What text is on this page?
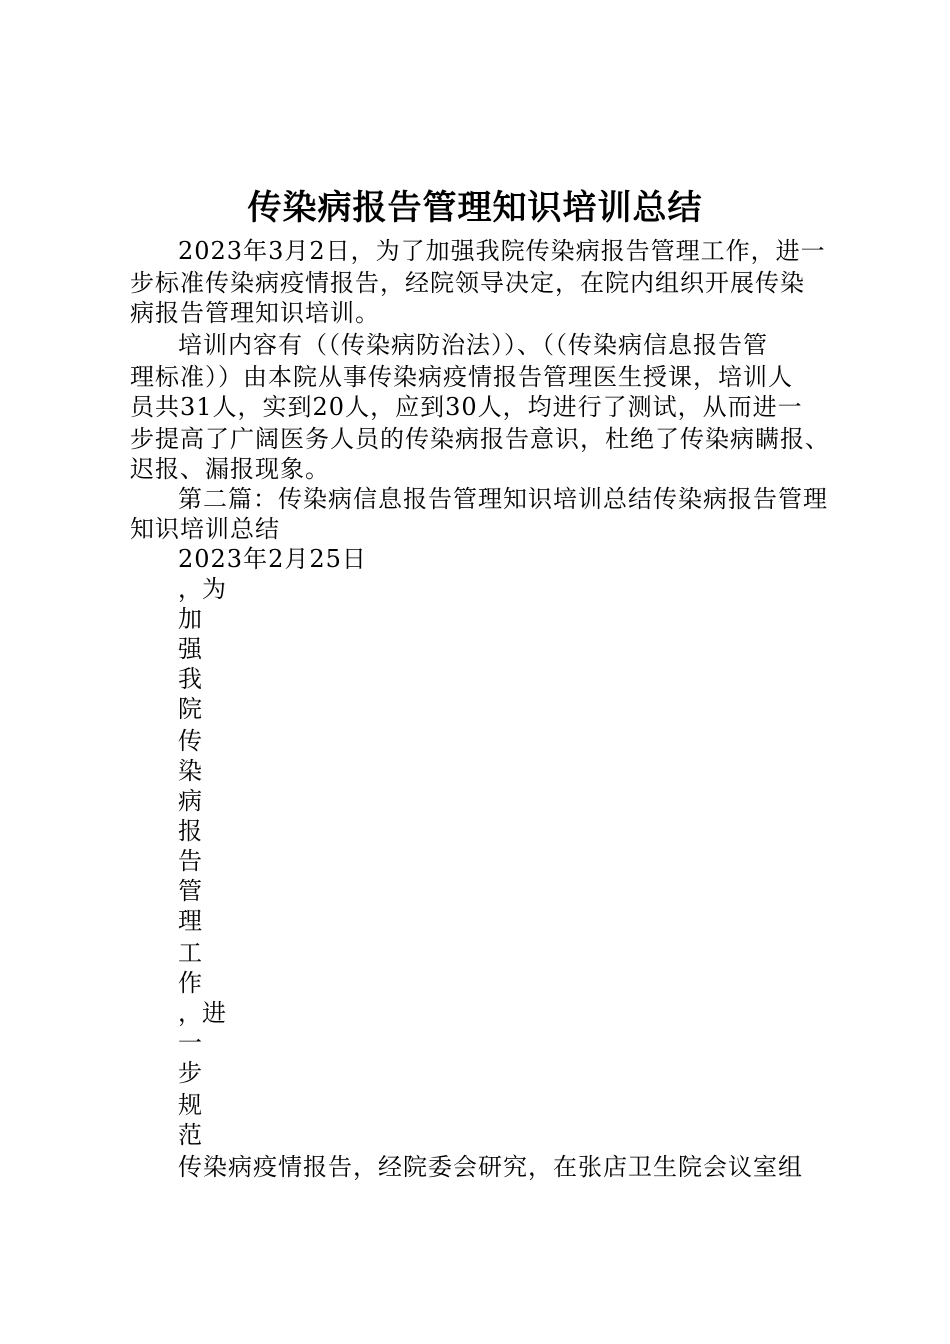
传染病报告管理知识培训总结
2023年3月2日，为了加强我院传染病报告管理工作，进一
步标准传染病疫情报告，经院领导决定，在院内组织开展传染
病报告管理知识培训。
培训内容有（（传染病防治法））、（（传染病信息报告管
理标准））由本院从事传染病疫情报告管理医生授课，培训人
员共31人，实到20人，应到30人，均进行了测试，从而进一
步提高了广阔医务人员的传染病报告意识，杜绝了传染病瞒报、
迟报、漏报现象。
第二篇：传染病信息报告管理知识培训总结传染病报告管理
知识培训总结
2023年2月25日
，为
加
强
我
院
传
染
病
报
告
管
理
工
作
，进
一
步
规
范
传染病疫情报告，经院委会研究，在张店卫生院会议室组
